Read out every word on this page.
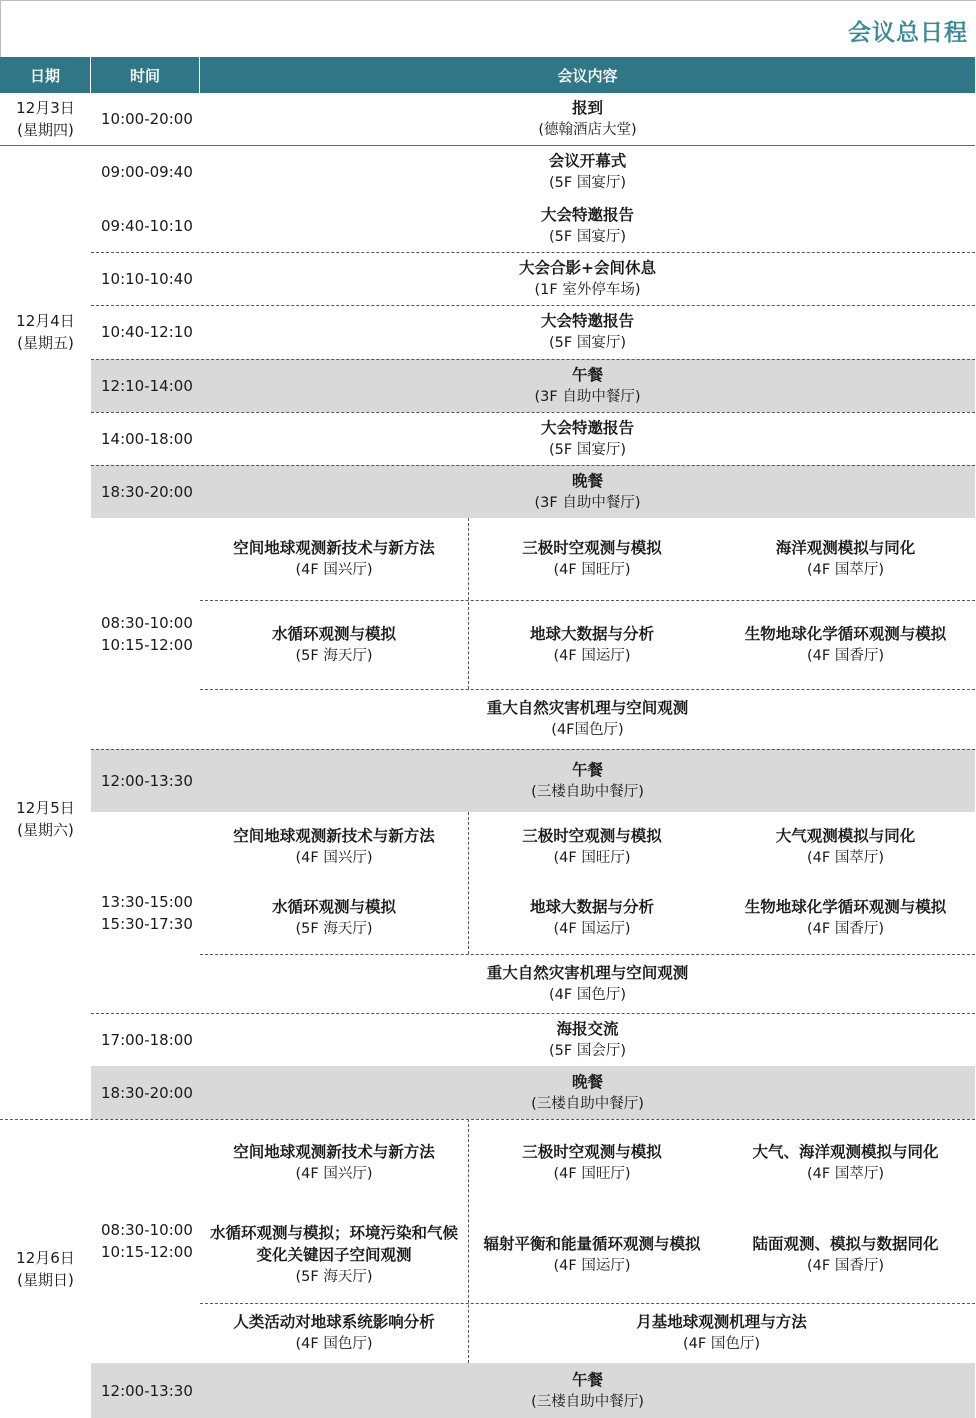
会议总日程
日期	时间	会议内容
12月3日
(星期四)
10:00-20:00
报到
(德翰酒店大堂)
12月4日
(星期五)
09:00-09:40
会议开幕式
(5F 国宴厅)
09:40-10:10
大会特邀报告
(5F 国宴厅)
10:10-10:40
大会合影+会间休息
(1F 室外停车场)
10:40-12:10
大会特邀报告
(5F 国宴厅)
12:10-14:00
午餐
(3F 自助中餐厅)
14:00-18:00
大会特邀报告
(5F 国宴厅)
18:30-20:00
晚餐
(3F 自助中餐厅)
12月5日
(星期六)
08:30-10:00
10:15-12:00
空间地球观测新技术与新方法
(4F 国兴厅)
三极时空观测与模拟
(4F 国旺厅)
海洋观测模拟与同化
(4F 国萃厅)
水循环观测与模拟
(5F 海天厅)
地球大数据与分析
(4F 国运厅)
生物地球化学循环观测与模拟
(4F 国香厅)
重大自然灾害机理与空间观测
(4F国色厅)
12:00-13:30
午餐
(三楼自助中餐厅)
13:30-15:00
15:30-17:30
空间地球观测新技术与新方法
(4F 国兴厅)
三极时空观测与模拟
(4F 国旺厅)
大气观测模拟与同化
(4F 国萃厅)
水循环观测与模拟
(5F 海天厅)
地球大数据与分析
(4F 国运厅)
生物地球化学循环观测与模拟
(4F 国香厅)
重大自然灾害机理与空间观测
(4F 国色厅)
17:00-18:00
海报交流
(5F 国会厅)
18:30-20:00
晚餐
(三楼自助中餐厅)
12月6日
(星期日)
08:30-10:00
10:15-12:00
空间地球观测新技术与新方法
(4F 国兴厅)
三极时空观测与模拟
(4F 国旺厅)
大气、海洋观测模拟与同化
(4F 国萃厅)
水循环观测与模拟；环境污染和气候
变化关键因子空间观测
(5F 海天厅)
辐射平衡和能量循环观测与模拟
(4F 国运厅)
陆面观测、模拟与数据同化
(4F 国香厅)
人类活动对地球系统影响分析
(4F 国色厅)
月基地球观测机理与方法
(4F 国色厅)
12:00-13:30
午餐
(三楼自助中餐厅)
